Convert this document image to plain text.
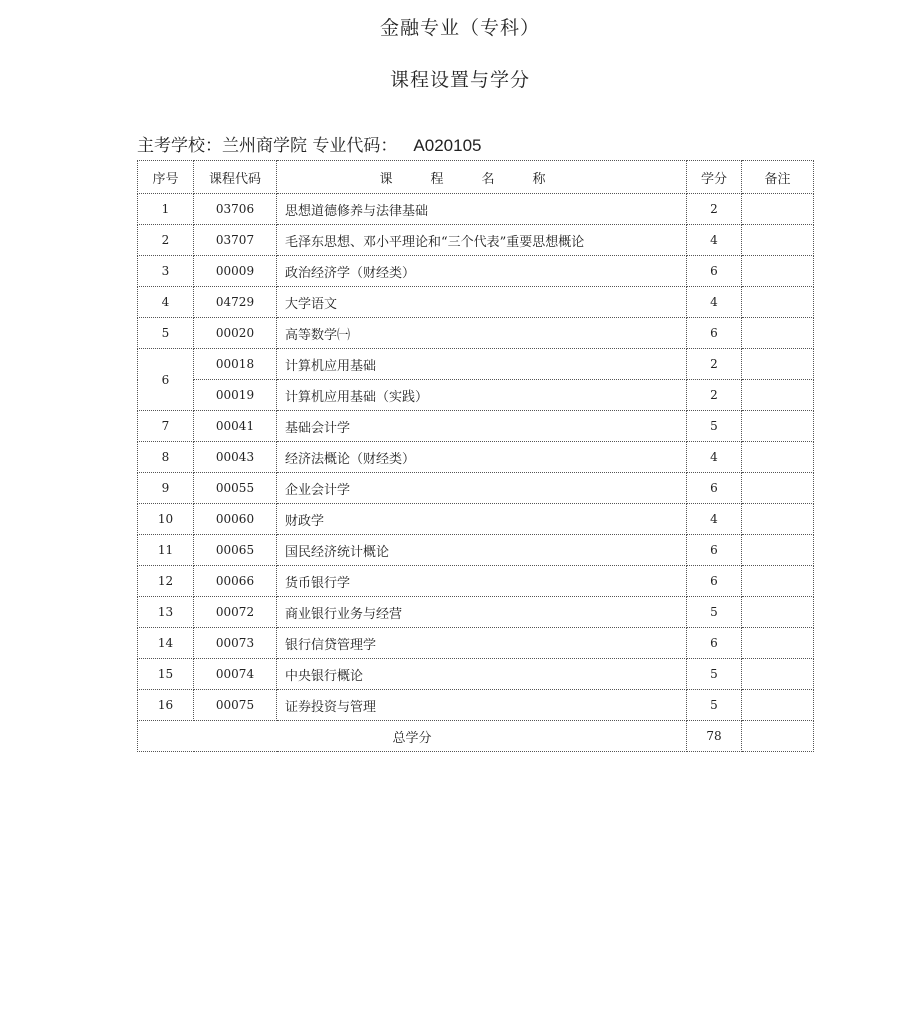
金融专业（专科）
课程设置与学分
主考学校：兰州商学院 专业代码： A020105
序号	课程代码	课程名称	学分	备注
1	03706	思想道德修养与法律基础	2	
2	03707	毛泽东思想、邓小平理论和“三个代表”重要思想概论	4	
3	00009	政治经济学（财经类）	6	
4	04729	大学语文	4	
5	00020	高等数学㈠	6	
6	00018	计算机应用基础	2	
	00019	计算机应用基础（实践）	2	
7	00041	基础会计学	5	
8	00043	经济法概论（财经类）	4	
9	00055	企业会计学	6	
10	00060	财政学	4	
11	00065	国民经济统计概论	6	
12	00066	货币银行学	6	
13	00072	商业银行业务与经营	5	
14	00073	银行信贷管理学	6	
15	00074	中央银行概论	5	
16	00075	证券投资与管理	5	
总学分			78	
